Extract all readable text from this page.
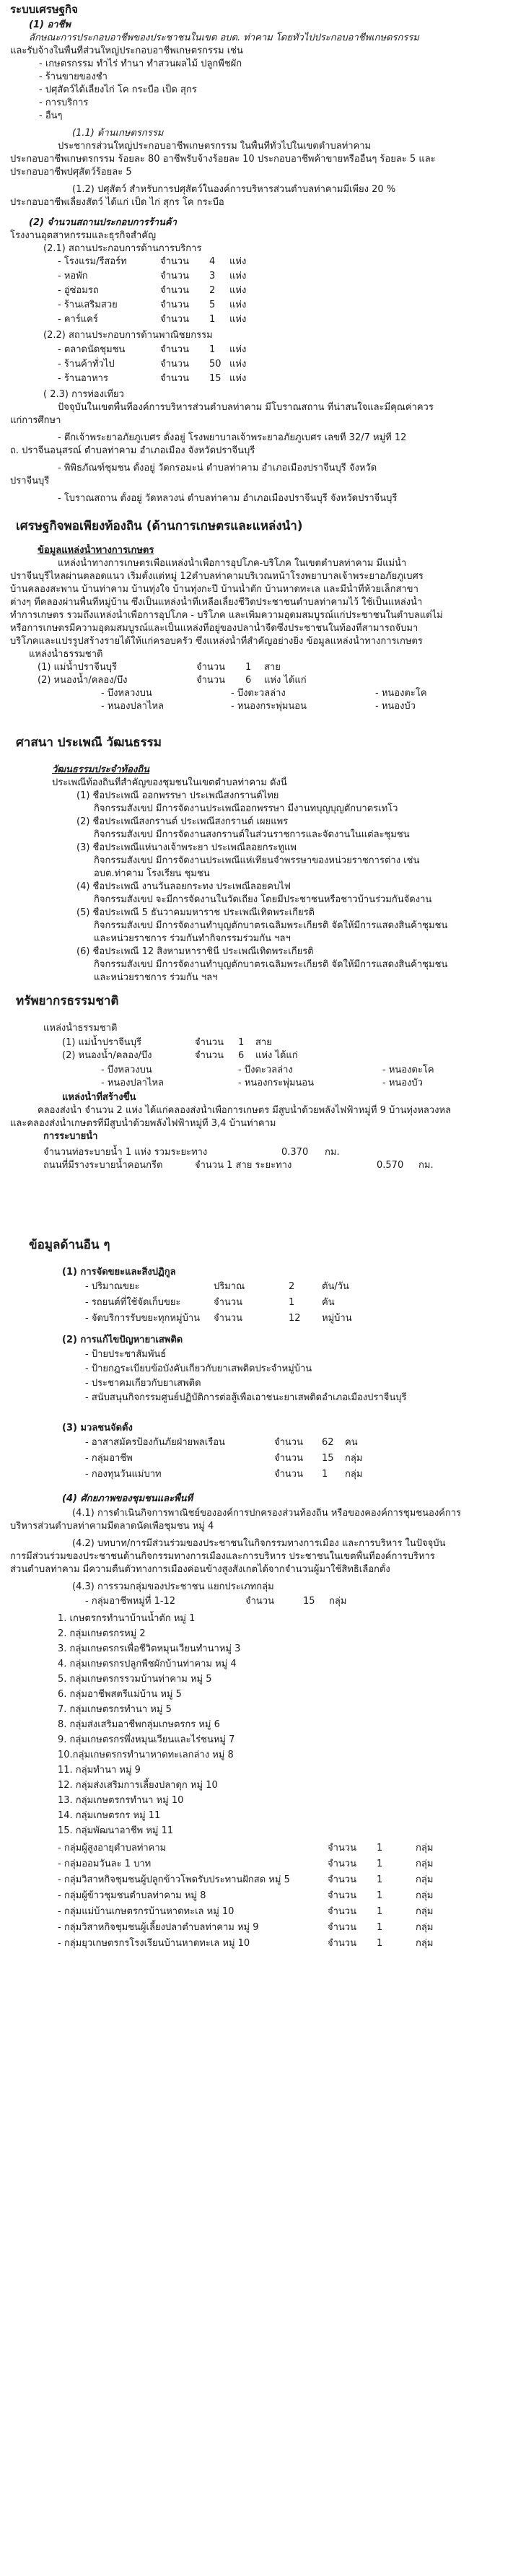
ระบบเศรษฐกิจ
(1) อาชีพ
ลักษณะการประกอบอาชีพของประชาชนในเขต อบต. ท่าคาม โดยทั่วไปประกอบอาชีพเกษตรกรรม
และรับจ้างในพื้นที่ส่วนใหญ่ประกอบอาชีพเกษตรกรรม เช่น
- เกษตรกรรม ทำไร่ ทำนา ทำสวนผลไม้ ปลูกพืชผัก
- ร้านขายของชำ
- ปศุสัตว์ได้เลี้ยงไก่ โค กระบือ เป็ด สุกร
- การบริการ
- อื่นๆ
(1.1) ด้านเกษตรกรรม
ประชากรส่วนใหญ่ประกอบอาชีพเกษตรกรรม ในพื้นที่ทั่วไปในเขตตำบลท่าคาม
ประกอบอาชีพเกษตรกรรม ร้อยละ 80 อาชีพรับจ้างร้อยละ 10 ประกอบอาชีพค้าขายหรืออื่นๆ ร้อยละ 5 และ
ประกอบอาชีพปศุสัตว์ร้อยละ 5
(1.2) ปศุสัตว์ สำหรับการปศุสัตว์ในองค์การบริหารส่วนตำบลท่าคามมีเพียง 20 %
ประกอบอาชีพเลี้ยงสัตว์ ได้แก่ เป็ด ไก่ สุกร โค กระบือ
(2) จำนวนสถานประกอบการร้านค้า
โรงงานอุตสาหกรรมและธุรกิจสำคัญ
(2.1) สถานประกอบการด้านการบริการ
- โรงแรม/รีสอร์ท	จำนวน 4 แห่ง
- หอพัก	จำนวน 3 แห่ง
- อู่ซ่อมรถ	จำนวน 2 แห่ง
- ร้านเสริมสวย	จำนวน 5 แห่ง
- คาร์แคร์	จำนวน 1 แห่ง
(2.2) สถานประกอบการด้านพาณิชยกรรม
- ตลาดนัดชุมชน	จำนวน 1 แห่ง
- ร้านค้าทั่วไป	จำนวน 50 แห่ง
- ร้านอาหาร	จำนวน 15 แห่ง
( 2.3) การท่องเที่ยว
ปัจจุบันในเขตพื้นที่องค์การบริหารส่วนตำบลท่าคาม มีโบราณสถาน ที่น่าสนใจและมีคุณค่าควร
แก่การศึกษา
- ตึกเจ้าพระยาอภัยภูเบศร ตั้งอยู่ โรงพยาบาลเจ้าพระยาอภัยภูเบศร เลขที่ 32/7 หมู่ที่ 12
ถ. ปราจีนอนุสรณ์ ตำบลท่าคาม อำเภอเมือง จังหวัดปราจีนบุรี
- พิพิธภัณฑ์ชุมชน ตั้งอยู่ วัดกรอมะน่ ตำบลท่าคาม อำเภอเมืองปราจีนบุรี จังหวัด
ปราจีนบุรี
- โบราณสถาน ตั้งอยู่ วัดหลวงน่ ตำบลท่าคาม อำเภอเมืองปราจีนบุรี จังหวัดปราจีนบุรี
เศรษฐกิจพอเพียงท้องถิ่น (ด้านการเกษตรและแหล่งน้ำ)
ข้อมูลแหล่งน้ำทางการเกษตร
แหล่งน้ำทางการเกษตรเพื่อแหล่งน้ำเพื่อการอุปโภค-บริโภค ในเขตตำบลท่าคาม มีแม่น้ำ
ปราจีนบุรีไหลผ่านตลอดแนว เริ่มตั้งแต่หมู่ 12ตำบลท่าคามบริเวณหน้าโรงพยาบาลเจ้าพระยาอภัยภูเบศร
บ้านคลองสะพาน บ้านท่าคาม บ้านทุ่งใจ บ้านทุ่งกะปี บ้านน้ำตัก บ้านหาดทะเล และมีน้ำที่ห้วยเล็กสาขา
ต่างๆ ที่คลองผ่านพื้นที่หมู่บ้าน ซึ่งเป็นแหล่งน้ำที่เหลือเลี้ยงชีวิตประชาชนตำบลท่าคามไว้ ใช้เป็นแหล่งน้ำ
ทำการเกษตร รวมถึงแหล่งน้ำเพื่อการอุปโภค - บริโภค และเพิ่มความอุดมสมบูรณ์แก่ประชาชนในตำบลแต่ไม่
หรือการเกษตรมีความอุดมสมบูรณ์และเป็นแหล่งที่อยู่ของปลาน้ำจืดซึ่งประชาชนในท้องที่สามารถจับมา
บริโภคและแปรรูปสร้างรายได้ให้แก่ครอบครัว ซึ่งแหล่งน้ำที่สำคัญอย่างยิ่ง ข้อมูลแหล่งน้ำทางการเกษตร
แหล่งน้ำธรรมชาติ
(1) แม่น้ำปราจีนบุรี	จำนวน 1 สาย
(2) หนองน้ำ/คลอง/บึง	จำนวน 6 แห่ง ได้แก่
- บึงหลวงบน	- บึงตะวลล่าง	- หนองตะโค
- หนองปลาไหล	- หนองกระพุ่มนอน	- หนองบัว
ศาสนา ประเพณี วัฒนธรรม
วัฒนธรรมประจำท้องถิ่น
ประเพณีท้องถิ่นที่สำคัญของชุมชนในเขตตำบลท่าคาม ดังนี้
(1) ชื่อประเพณี ออกพรรษา ประเพณีสงกรานต์ไทย
กิจกรรมสังเขป มีการจัดงานประเพณีออกพรรษา มีงานทบุญบุญตักบาตรเทโว
(2) ชื่อประเพณีสงกรานต์ ประเพณีสงกรานต์ เผยแพร
กิจกรรมสังเขป มีการจัดงานสงกรานต์ในส่วนราชการและจัดงานในแต่ละชุมชน
(3) ชื่อประเพณีแห่นางเจ้าพระยา ประเพณีลอยกระทูแพ
กิจกรรมสังเขป มีการจัดงานประเพณีแห่เทียนจำพรรษาของหน่วยราชการต่าง เช่น
อบต.ท่าคาม โรงเรียน ชุมชน
(4) ชื่อประเพณี งานวันลอยกระทง ประเพณีลอยคบไฟ
กิจกรรมสังเขป จะมีการจัดงานในวัดเถียง โดยมีประชาชนหรือชาวบ้านร่วมกันจัดงาน
(5) ชื่อประเพณี 5 ธันวาคมมหาราช ประเพณีเทิดพระเกียรติ
กิจกรรมสังเขป มีการจัดงานทำบุญตักบาตรเฉลิมพระเกียรติ จัดให้มีการแสดงสินค้าชุมชน
และหน่วยราชการ ร่วมกันทำกิจกรรมร่วมกัน ฯลฯ
(6) ชื่อประเพณี 12 สิงหามหาราชินี ประเพณีเทิดพระเกียรติ
กิจกรรมสังเขป มีการจัดงานทำบุญตักบาตรเฉลิมพระเกียรติ จัดให้มีการแสดงสินค้าชุมชน
และหน่วยราชการ ร่วมกัน ฯลฯ
ทรัพยากรธรรมชาติ
แหล่งน้ำธรรมชาติ
(1) แม่น้ำปราจีนบุรี	จำนวน 1 สาย
(2) หนองน้ำ/คลอง/บึง	จำนวน 6 แห่ง ได้แก่
- บึงหลวงบน	- บึงตะวลล่าง	- หนองตะโค
- หนองปลาไหล	- หนองกระพุ่มนอน	- หนองบัว
แหล่งน้ำที่สร้างขึ้น
คลองส่งน้ำ จำนวน 2 แห่ง ได้แก่คลองส่งน้ำเพื่อการเกษตร มีสูบน้ำด้วยพลังไฟฟ้าหมู่ที่ 9 บ้านทุ่งหลวงหล
และคลองส่งน้ำเกษตรที่มีสูบน้ำด้วยพลังไฟฟ้าหมู่ที่ 3,4 บ้านท่าคาม
การระบายน้ำ
จำนวนท่อระบายน้ำ 1 แห่ง รวมระยะทาง	0.370 กม.
ถนนที่มีรางระบายน้ำคอนกรีต	จำนวน 1 สาย ระยะทาง	0.570 กม.
ข้อมูลด้านอื่น ๆ
(1) การจัดขยะและสิ่งปฏิกูล
- ปริมาณขยะ	ปริมาณ	2	ตัน/วัน
- รถยนต์ที่ใช้จัดเก็บขยะ	จำนวน	1	คัน
- จัดบริการรับขยะทุกหมู่บ้าน จำนวน	12 หมู่บ้าน
(2) การแก้ไขปัญหายาเสพติด
- ป้ายประชาสัมพันธ์
- ป้ายกฎระเบียบข้อบังคับเกี่ยวกับยาเสพติดประจำหมู่บ้าน
- ประชาคมเกี่ยวกับยาเสพติด
- สนับสนุนกิจกรรมศูนย์ปฏิบัติการต่อสู้เพื่อเอาชนะยาเสพติดอำเภอเมืองปราจีนบุรี
(3) มวลชนจัดตั้ง
- อาสาสมัครป้องกันภัยฝ่ายพลเรือน	จำนวน 62 คน
- กลุ่มอาชีพ	จำนวน 15 กลุ่ม
- กองทุนวันแม่บาท	จำนวน 1 กลุ่ม
(4) ศักยภาพของชุมชนและพื้นที่
(4.1) การดำเนินกิจการพาณิชย์ขององค์การปกครองส่วนท้องถิ่น หรือของคองค์การชุมชนองค์การ
บริหารส่วนตำบลท่าคามมีตลาดนัดเพื่อชุมชน หมู่ 4
(4.2) บทบาท/การมีส่วนร่วมของประชาชนในกิจกรรมทางการเมือง และการบริหาร ในปัจจุบัน
การมีส่วนร่วมของประชาชนด้านกิจกรรมทางการเมืองและการบริหาร ประชาชนในเขตพื้นที่องค์การบริหาร
ส่วนตำบลท่าคาม มีความตื่นตัวทางการเมืองค่อนข้างสูงสังเกตได้จากจำนวนผู้มาใช้สิทธิเลือกตั้ง
(4.3) การรวมกลุ่มของประชาชน แยกประเภทกลุ่ม
- กลุ่มอาชีพหมู่ที่ 1-12	จำนวน	15 กลุ่ม
1. เกษตรกรทำนาบ้านน้ำตัก หมู่ 1
2. กลุ่มเกษตรกรหมู่ 2
3. กลุ่มเกษตรกรเพื่อชีวิตหมุนเวียนทำนาหมู่ 3
4. กลุ่มเกษตรกรปลูกพืชผักบ้านท่าคาม หมู่ 4
5. กลุ่มเกษตรกรรวมบ้านท่าคาม หมู่ 5
6. กลุ่มอาชีพสตรีแม่บ้าน หมู่ 5
7. กลุ่มเกษตรกรทำนา หมู่ 5
8. กลุ่มส่งเสริมอาชีพกลุ่มเกษตรกร หมู่ 6
9. กลุ่มเกษตรกรพึ่งหมุนเวียนและไร่ชนหมู่ 7
10.กลุ่มเกษตรกรทำนาหาดทะเลกล่าง หมู่ 8
11. กลุ่มทำนา หมู่ 9
12. กลุ่มส่งเสริมการเลี้ยงปลาดุก หมู่ 10
13. กลุ่มเกษตรกรทำนา หมู่ 10
14. กลุ่มเกษตรกร หมู่ 11
15. กลุ่มพัฒนาอาชีพ หมู่ 11
- กลุ่มผู้สูงอายุตำบลท่าคาม	จำนวน 1	กลุ่ม
- กลุ่มออมวันละ 1 บาท	จำนวน 1	กลุ่ม
- กลุ่มวิสาหกิจชุมชนผู้ปลูกข้าวโพดรับประทานฝักสด หมู่ 5	จำนวน 1	กลุ่ม
- กลุ่มผู้ข้าวชุมชนตำบลท่าคาม หมู่ 8	จำนวน 1	กลุ่ม
- กลุ่มแม่บ้านเกษตรกรบ้านหาดทะเล หมู่ 10	จำนวน 1	กลุ่ม
- กลุ่มวิสาหกิจชุมชนผู้เลี้ยงปลาตำบลท่าคาม หมู่ 9	จำนวน 1	กลุ่ม
- กลุ่มยุวเกษตรกรโรงเรียนบ้านหาดทะเล หมู่ 10	จำนวน 1	กลุ่ม
